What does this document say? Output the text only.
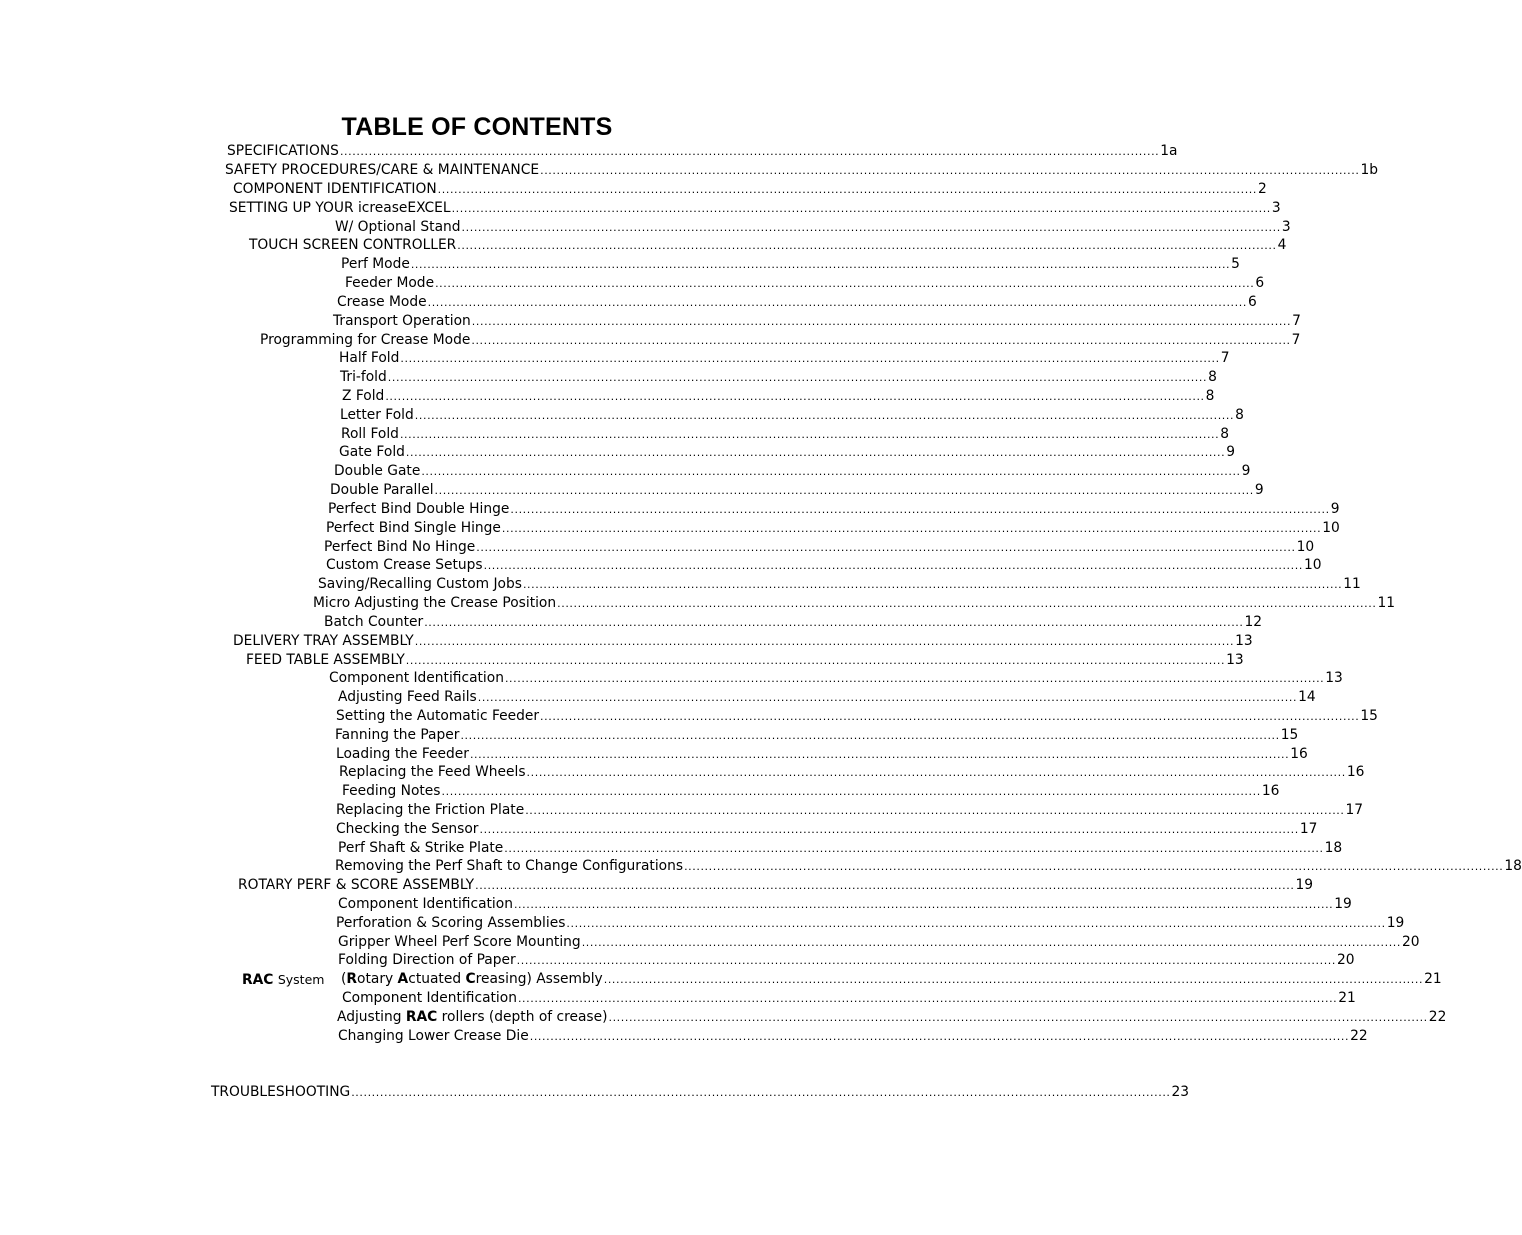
TABLE OF CONTENTS
RAC System
SPECIFICATIONS ........................................................................................................................................................................................................ 1a
SAFETY PROCEDURES/CARE & MAINTENANCE ........................................................................................................................................................................................................ 1b
COMPONENT IDENTIFICATION ........................................................................................................................................................................................................ 2
SETTING UP YOUR icreaseEXCEL ........................................................................................................................................................................................................ 3
W/ Optional Stand ........................................................................................................................................................................................................ 3
TOUCH SCREEN CONTROLLER ........................................................................................................................................................................................................ 4
Perf Mode ........................................................................................................................................................................................................ 5
Feeder Mode ........................................................................................................................................................................................................ 6
Crease Mode ........................................................................................................................................................................................................ 6
Transport Operation ........................................................................................................................................................................................................ 7
Programming for Crease Mode ........................................................................................................................................................................................................ 7
Half Fold ........................................................................................................................................................................................................ 7
Tri-fold ........................................................................................................................................................................................................ 8
Z Fold ........................................................................................................................................................................................................ 8
Letter Fold ........................................................................................................................................................................................................ 8
Roll Fold ........................................................................................................................................................................................................ 8
Gate Fold ........................................................................................................................................................................................................ 9
Double Gate ........................................................................................................................................................................................................ 9
Double Parallel ........................................................................................................................................................................................................ 9
Perfect Bind Double Hinge ........................................................................................................................................................................................................ 9
Perfect Bind Single Hinge ........................................................................................................................................................................................................ 10
Perfect Bind No Hinge ........................................................................................................................................................................................................ 10
Custom Crease Setups ........................................................................................................................................................................................................ 10
Saving/Recalling Custom Jobs ........................................................................................................................................................................................................ 11
Micro Adjusting the Crease Position ........................................................................................................................................................................................................ 11
Batch Counter ........................................................................................................................................................................................................ 12
DELIVERY TRAY ASSEMBLY ........................................................................................................................................................................................................ 13
FEED TABLE ASSEMBLY ........................................................................................................................................................................................................ 13
Component Identification ........................................................................................................................................................................................................ 13
Adjusting Feed Rails ........................................................................................................................................................................................................ 14
Setting the Automatic Feeder ........................................................................................................................................................................................................ 15
Fanning the Paper ........................................................................................................................................................................................................ 15
Loading the Feeder ........................................................................................................................................................................................................ 16
Replacing the Feed Wheels ........................................................................................................................................................................................................ 16
Feeding Notes ........................................................................................................................................................................................................ 16
Replacing the Friction Plate ........................................................................................................................................................................................................ 17
Checking the Sensor ........................................................................................................................................................................................................ 17
Perf Shaft & Strike Plate ........................................................................................................................................................................................................ 18
Removing the Perf Shaft to Change Configurations ........................................................................................................................................................................................................ 18
ROTARY PERF & SCORE ASSEMBLY ........................................................................................................................................................................................................ 19
Component Identification ........................................................................................................................................................................................................ 19
Perforation & Scoring Assemblies ........................................................................................................................................................................................................ 19
Gripper Wheel Perf Score Mounting ........................................................................................................................................................................................................ 20
Folding Direction of Paper ........................................................................................................................................................................................................ 20
(Rotary Actuated Creasing) Assembly ........................................................................................................................................................................................................ 21
Component Identification ........................................................................................................................................................................................................ 21
Adjusting RAC rollers (depth of crease) ........................................................................................................................................................................................................ 22
Changing Lower Crease Die ........................................................................................................................................................................................................ 22
TROUBLESHOOTING ........................................................................................................................................................................................................ 23
